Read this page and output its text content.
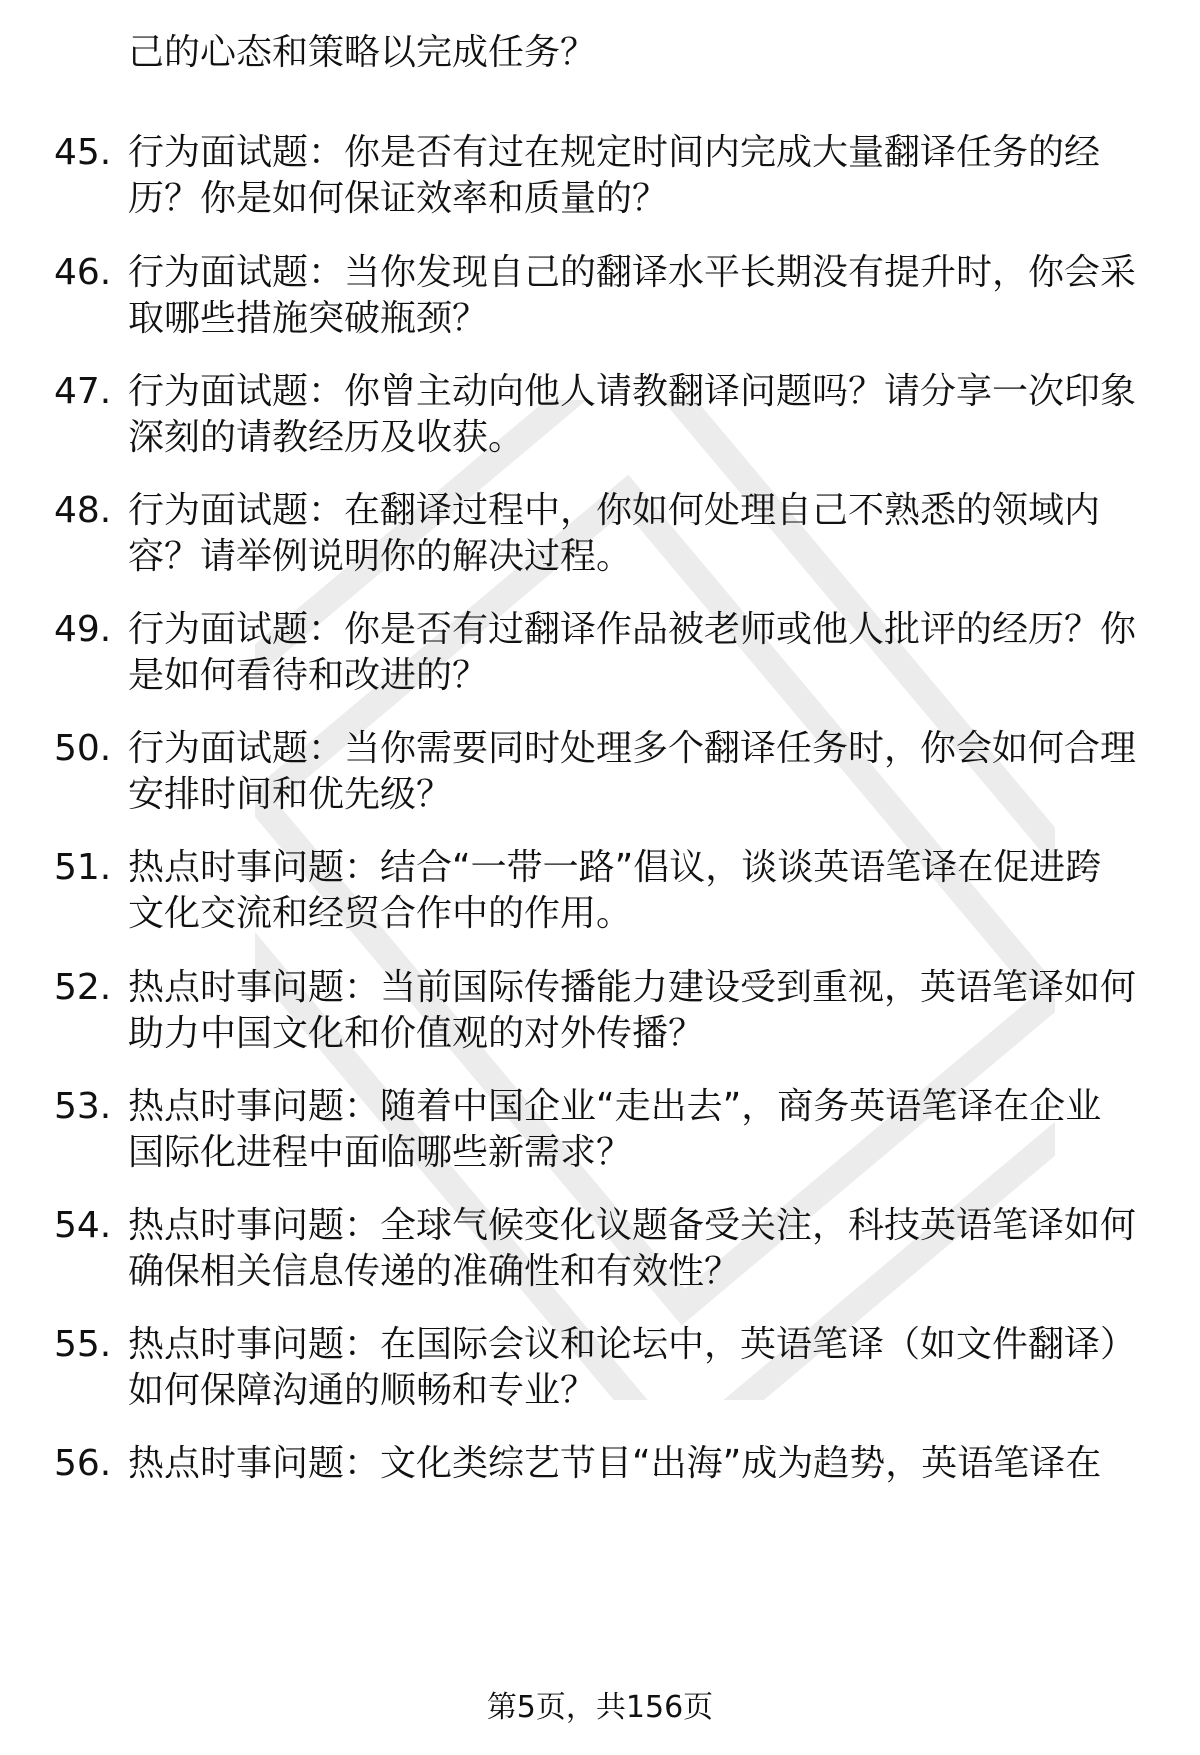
己的心态和策略以完成任务？
45. 行为面试题：你是否有过在规定时间内完成大量翻译任务的经
历？你是如何保证效率和质量的？
46. 行为面试题：当你发现自己的翻译水平长期没有提升时，你会采
取哪些措施突破瓶颈？
47. 行为面试题：你曾主动向他人请教翻译问题吗？请分享一次印象
深刻的请教经历及收获。
48. 行为面试题：在翻译过程中，你如何处理自己不熟悉的领域内
容？请举例说明你的解决过程。
49. 行为面试题：你是否有过翻译作品被老师或他人批评的经历？你
是如何看待和改进的？
50. 行为面试题：当你需要同时处理多个翻译任务时，你会如何合理
安排时间和优先级？
51. 热点时事问题：结合“一带一路”倡议，谈谈英语笔译在促进跨
文化交流和经贸合作中的作用。
52. 热点时事问题：当前国际传播能力建设受到重视，英语笔译如何
助力中国文化和价值观的对外传播？
53. 热点时事问题：随着中国企业“走出去”，商务英语笔译在企业
国际化进程中面临哪些新需求？
54. 热点时事问题：全球气候变化议题备受关注，科技英语笔译如何
确保相关信息传递的准确性和有效性？
55. 热点时事问题：在国际会议和论坛中，英语笔译（如文件翻译）
如何保障沟通的顺畅和专业？
56. 热点时事问题：文化类综艺节目“出海”成为趋势，英语笔译在
第5页，共156页
